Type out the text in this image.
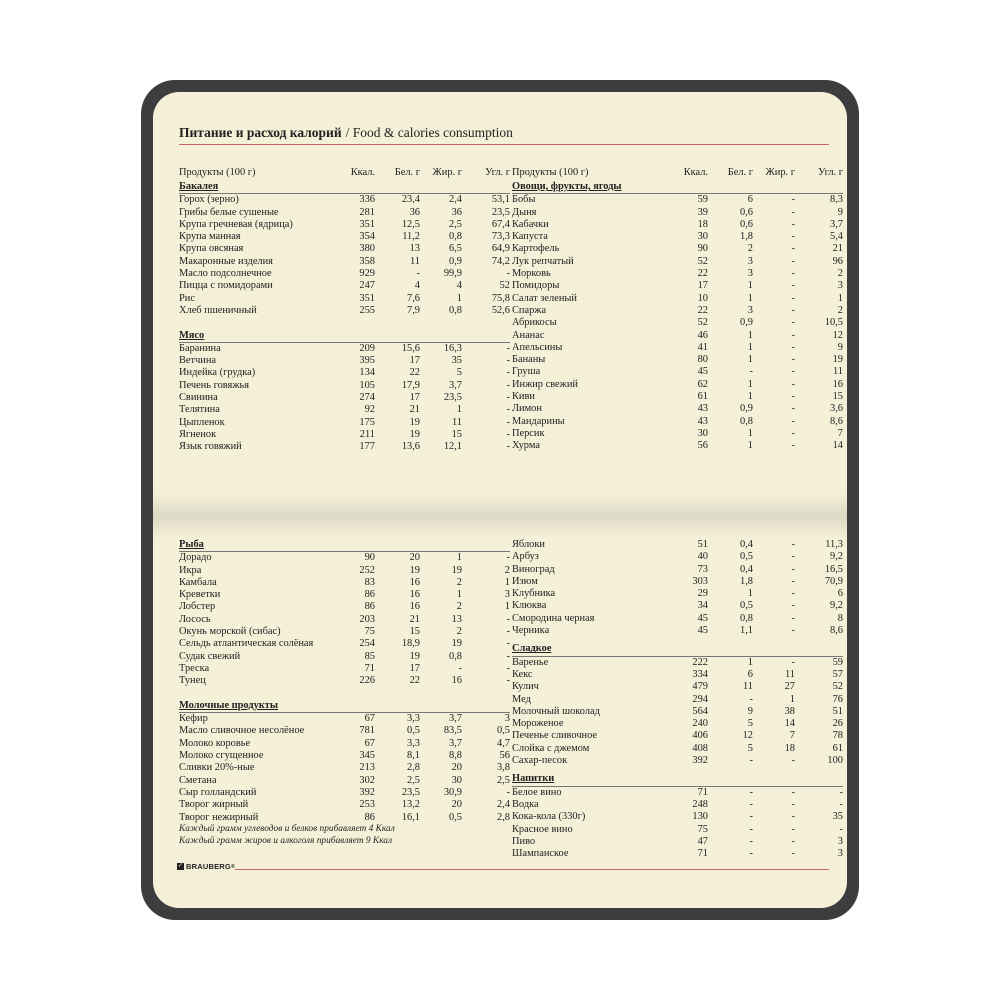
Питание и расход калорий / Food & calories consumption
Продукты (100 г)	Ккал.	Бел. г	Жир. г	Угл. г
Бакалея
Горох (зерно)	336	23,4	2,4	53,1
Грибы белые сушеные	281	36	36	23,5
Крупа гречневая (ядрица)	351	12,5	2,5	67,4
Крупа манная	354	11,2	0,8	73,3
Крупа овсяная	380	13	6,5	64,9
Макаронные изделия	358	11	0,9	74,2
Масло подсолнечное	929	-	99,9	-
Пицца с помидорами	247	4	4	52
Рис	351	7,6	1	75,8
Хлеб пшеничный	255	7,9	0,8	52,6
Мясо
Баранина	209	15,6	16,3	-
Ветчина	395	17	35	-
Индейка (грудка)	134	22	5	-
Печень говяжья	105	17,9	3,7	-
Свинина	274	17	23,5	-
Телятина	92	21	1	-
Цыпленок	175	19	11	-
Ягненок	211	19	15	-
Язык говяжий	177	13,6	12,1	-
Продукты (100 г)	Ккал.	Бел. г	Жир. г	Угл. г
Овощи, фрукты, ягоды
Бобы	59	6	-	8,3
Дыня	39	0,6	-	9
Кабачки	18	0,6	-	3,7
Капуста	30	1,8	-	5,4
Картофель	90	2	-	21
Лук репчатый	52	3	-	96
Морковь	22	3	-	2
Помидоры	17	1	-	3
Салат зеленый	10	1	-	1
Спаржа	22	3	-	2
Абрикосы	52	0,9	-	10,5
Ананас	46	1	-	12
Апельсины	41	1	-	9
Бананы	80	1	-	19
Груша	45	-	-	11
Инжир свежий	62	1	-	16
Киви	61	1	-	15
Лимон	43	0,9	-	3,6
Мандарины	43	0,8	-	8,6
Персик	30	1	-	7
Хурма	56	1	-	14
Рыба
Дорадо	90	20	1	-
Икра	252	19	19	2
Камбала	83	16	2	1
Креветки	86	16	1	3
Лобстер	86	16	2	1
Лосось	203	21	13	-
Окунь морской (сибас)	75	15	2	-
Сельдь атлантическая солёная	254	18,9	19	-
Судак свежий	85	19	0,8	-
Треска	71	17	-	-
Тунец	226	22	16	-
Молочные продукты
Кефир	67	3,3	3,7	3
Масло сливочное несолёное	781	0,5	83,5	0,5
Молоко коровье	67	3,3	3,7	4,7
Молоко сгущенное	345	8,1	8,8	56
Сливки 20%-ные	213	2,8	20	3,8
Сметана	302	2,5	30	2,5
Сыр голландский	392	23,5	30,9	-
Творог жирный	253	13,2	20	2,4
Творог нежирный	86	16,1	0,5	2,8
Яблоки	51	0,4	-	11,3
Арбуз	40	0,5	-	9,2
Виноград	73	0,4	-	16,5
Изюм	303	1,8	-	70,9
Клубника	29	1	-	6
Клюква	34	0,5	-	9,2
Смородина черная	45	0,8	-	8
Черника	45	1,1	-	8,6
Сладкое
Варенье	222	1	-	59
Кекс	334	6	11	57
Кулич	479	11	27	52
Мед	294	-	1	76
Молочный шоколад	564	9	38	51
Мороженое	240	5	14	26
Печенье сливочное	406	12	7	78
Слойка с джемом	408	5	18	61
Сахар-песок	392	-	-	100
Напитки
Белое вино	71	-	-	-
Водка	248	-	-	-
Кока-кола (330г)	130	-	-	35
Красное вино	75	-	-	-
Пиво	47	-	-	3
Шампанское	71	-	-	3
Каждый грамм углеводов и белков прибавляет 4 Ккал
Каждый грамм жиров и алкоголя прибавляет 9 Ккал
✓ BRAUBERG ®
